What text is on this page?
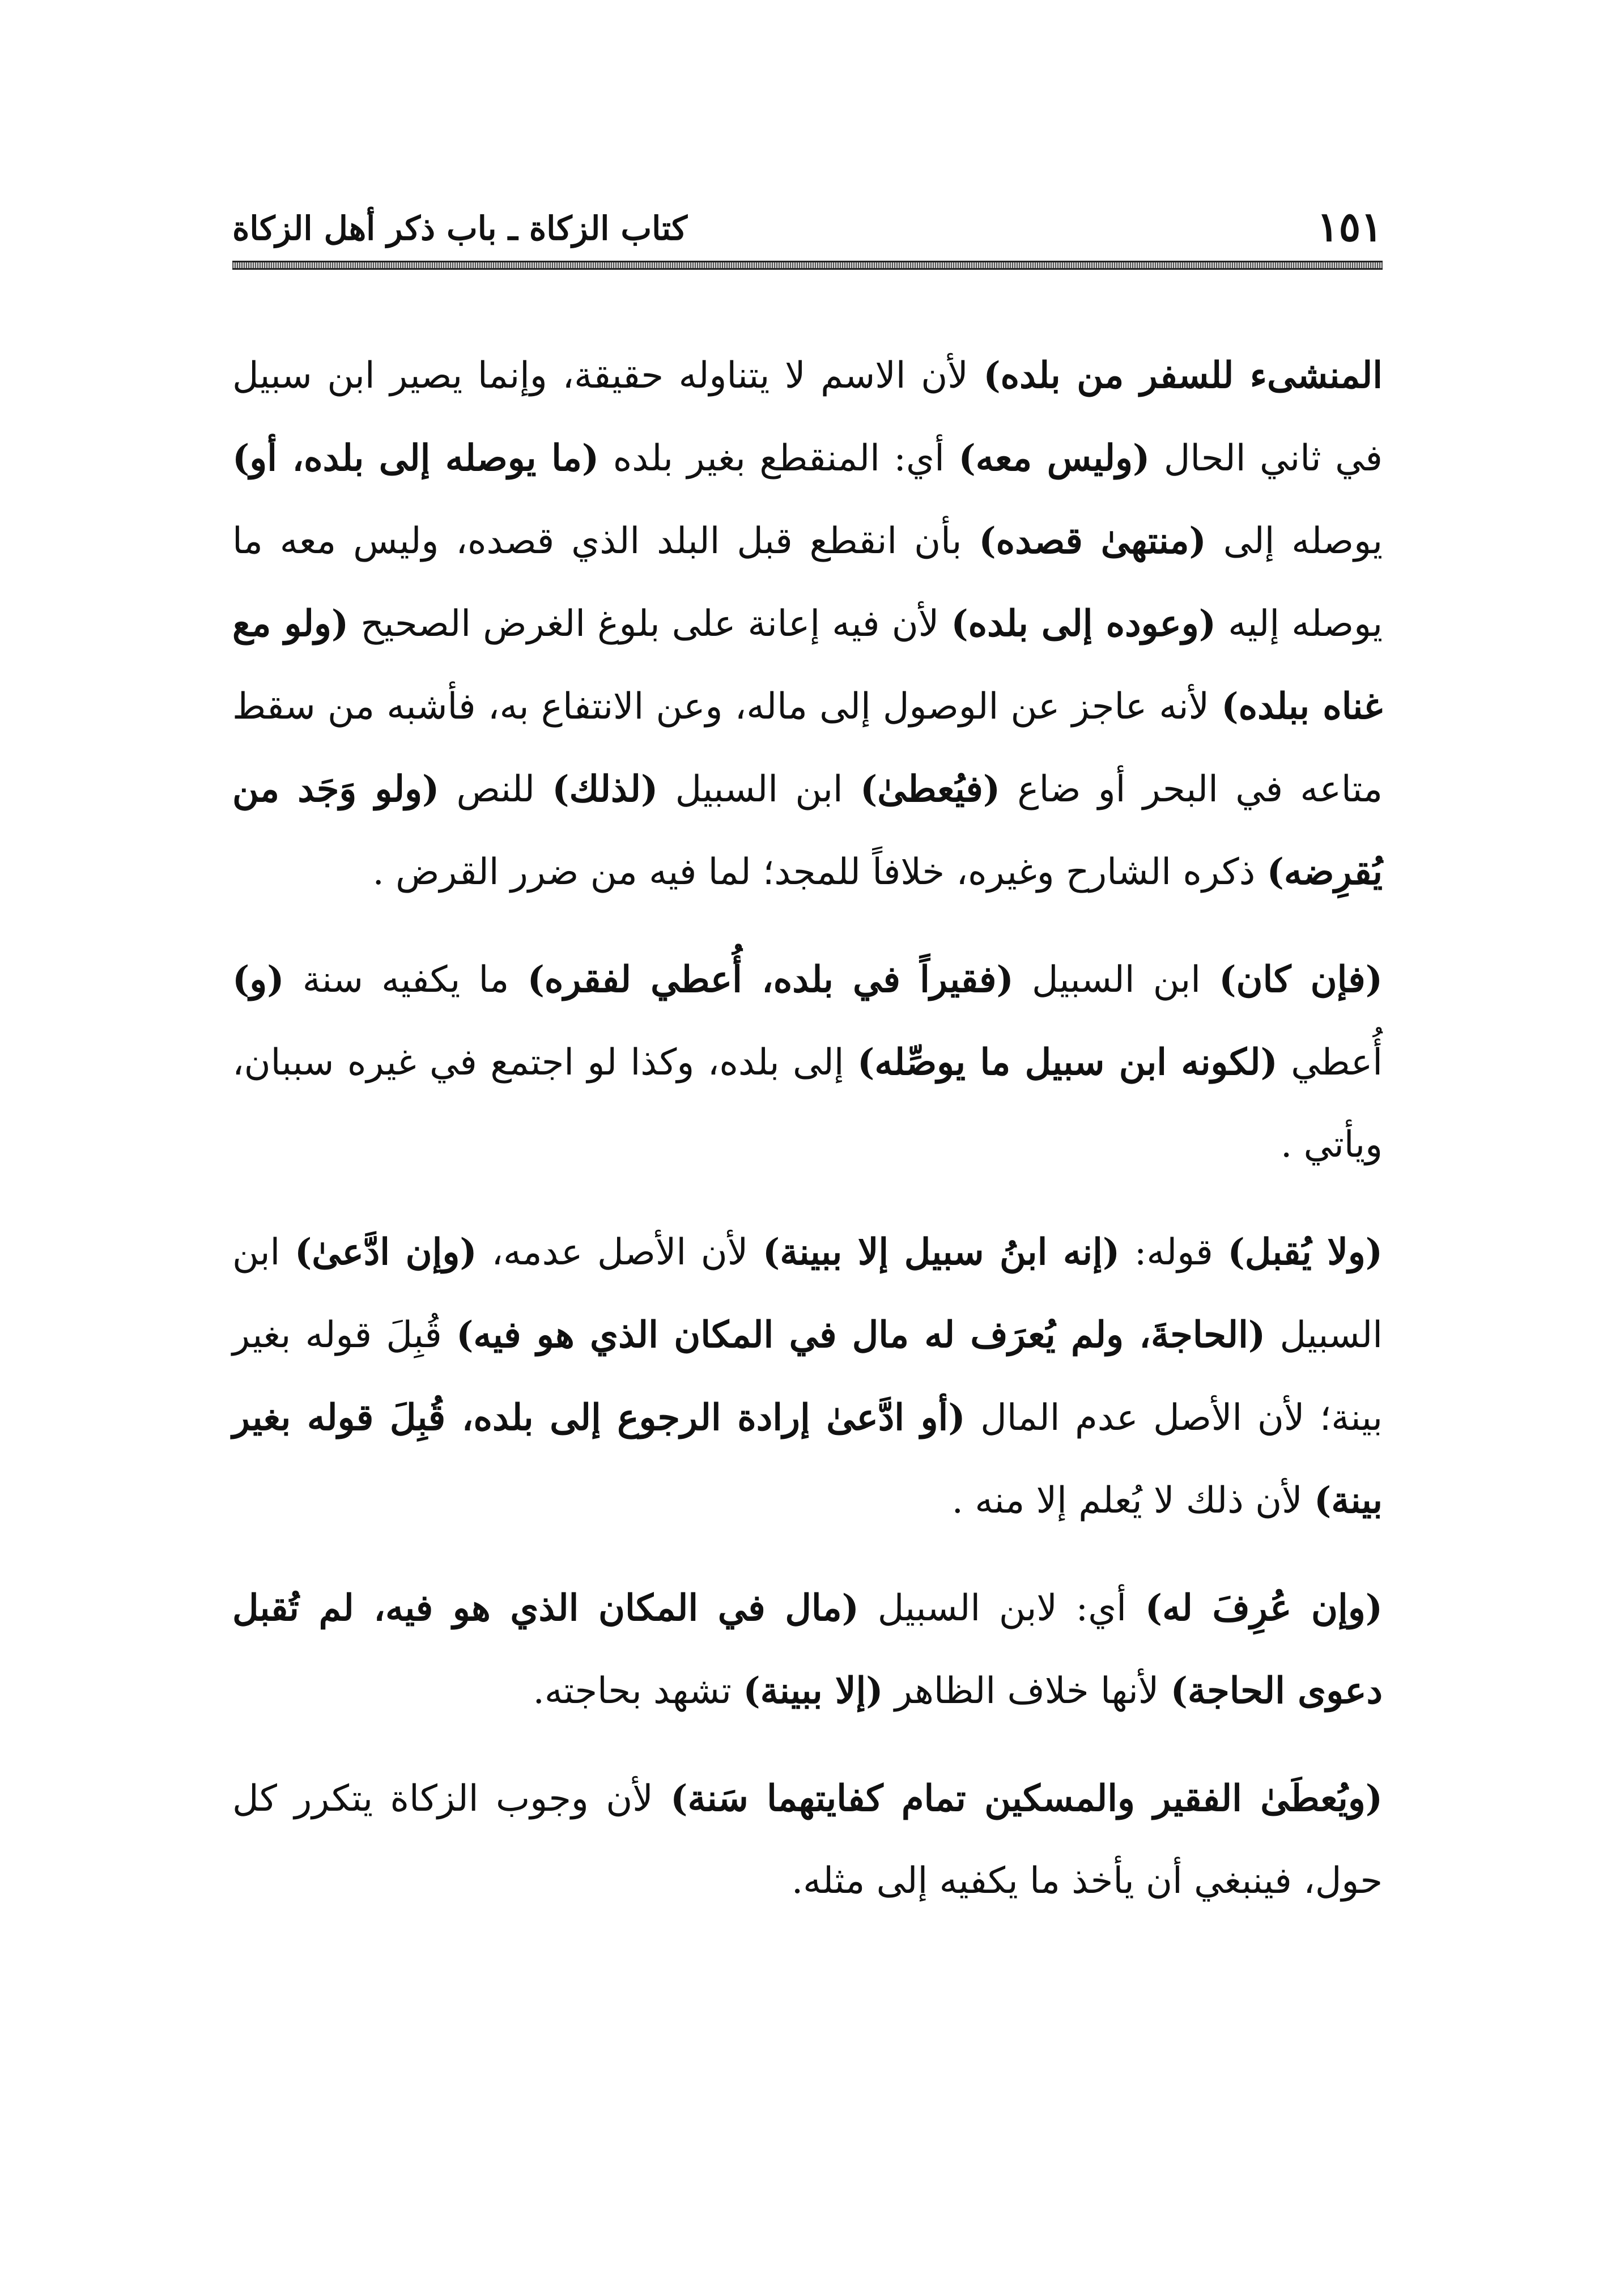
١٥١
كتاب الزكاة ـ باب ذكر أهل الزكاة

المنشىء للسفر من بلده) لأن الاسم لا يتناوله حقيقة، وإنما يصير ابن سبيل في ثاني الحال (وليس معه) أي: المنقطع بغير بلده (ما يوصله إلى بلده، أو) يوصله إلى (منتهىٰ قصده) بأن انقطع قبل البلد الذي قصده، وليس معه ما يوصله إليه (وعوده إلى بلده) لأن فيه إعانة على بلوغ الغرض الصحيح (ولو مع غناه ببلده) لأنه عاجز عن الوصول إلى ماله، وعن الانتفاع به، فأشبه من سقط متاعه في البحر أو ضاع (فيُعطىٰ) ابن السبيل (لذلك) للنص (ولو وَجَد من يُقرِضه) ذكره الشارح وغيره، خلافاً للمجد؛ لما فيه من ضرر القرض .

(فإن كان) ابن السبيل (فقيراً في بلده، أُعطي لفقره) ما يكفيه سنة (و) أُعطي (لكونه ابن سبيل ما يوصِّله) إلى بلده، وكذا لو اجتمع في غيره سببان، ويأتي .

(ولا يُقبل) قوله: (إنه ابنُ سبيل إلا ببينة) لأن الأصل عدمه، (وإن ادَّعىٰ) ابن السبيل (الحاجةَ، ولم يُعرَف له مال في المكان الذي هو فيه) قُبِلَ قوله بغير بينة؛ لأن الأصل عدم المال (أو ادَّعىٰ إرادة الرجوع إلى بلده، قُبِلَ قوله بغير بينة) لأن ذلك لا يُعلم إلا منه .

(وإن عُرِفَ له) أي: لابن السبيل (مال في المكان الذي هو فيه، لم تُقبل دعوى الحاجة) لأنها خلاف الظاهر (إلا ببينة) تشهد بحاجته.

(ويُعطَىٰ الفقير والمسكين تمام كفايتهما سَنة) لأن وجوب الزكاة يتكرر كل حول، فينبغي أن يأخذ ما يكفيه إلى مثله.
